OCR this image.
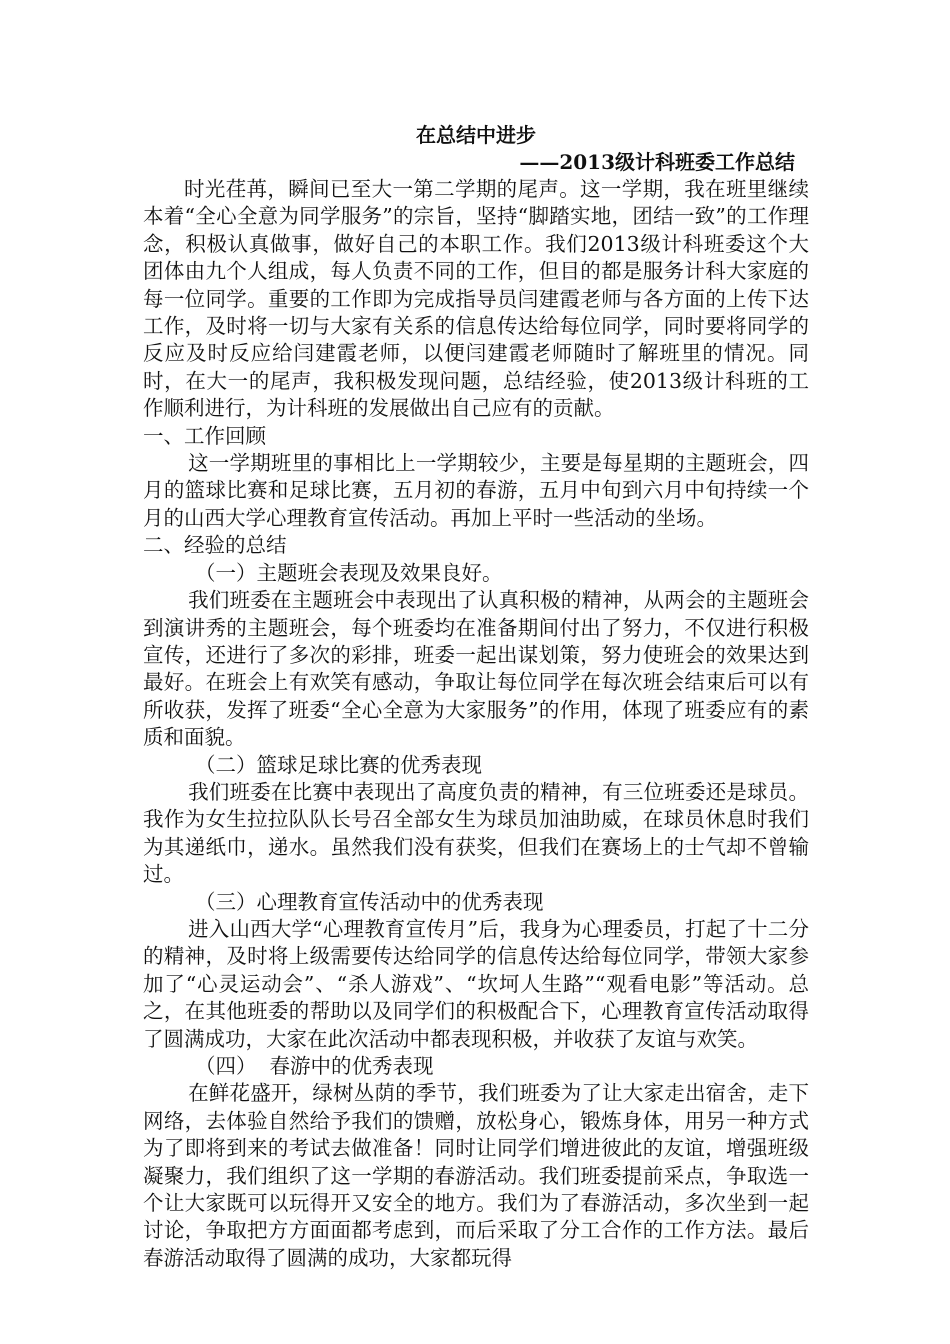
在总结中进步
——2013级计科班委工作总结

时光荏苒，瞬间已至大一第二学期的尾声。这一学期，我在班里继续本着“全心全意为同学服务”的宗旨，坚持“脚踏实地，团结一致”的工作理念，积极认真做事，做好自己的本职工作。我们2013级计科班委这个大团体由九个人组成，每人负责不同的工作，但目的都是服务计科大家庭的每一位同学。重要的工作即为完成指导员闫建霞老师与各方面的上传下达工作，及时将一切与大家有关系的信息传达给每位同学，同时要将同学的反应及时反应给闫建霞老师，以便闫建霞老师随时了解班里的情况。同时，在大一的尾声，我积极发现问题，总结经验，使2013级计科班的工作顺利进行，为计科班的发展做出自己应有的贡献。

一、工作回顾

这一学期班里的事相比上一学期较少，主要是每星期的主题班会，四月的篮球比赛和足球比赛，五月初的春游，五月中旬到六月中旬持续一个月的山西大学心理教育宣传活动。再加上平时一些活动的坐场。

二、经验的总结

（一）主题班会表现及效果良好。

我们班委在主题班会中表现出了认真积极的精神，从两会的主题班会到演讲秀的主题班会，每个班委均在准备期间付出了努力，不仅进行积极宣传，还进行了多次的彩排，班委一起出谋划策，努力使班会的效果达到最好。在班会上有欢笑有感动，争取让每位同学在每次班会结束后可以有所收获，发挥了班委“全心全意为大家服务”的作用，体现了班委应有的素质和面貌。

（二）篮球足球比赛的优秀表现

我们班委在比赛中表现出了高度负责的精神，有三位班委还是球员。我作为女生拉拉队队长号召全部女生为球员加油助威，在球员休息时我们为其递纸巾，递水。虽然我们没有获奖，但我们在赛场上的士气却不曾输过。

（三）心理教育宣传活动中的优秀表现

进入山西大学“心理教育宣传月”后，我身为心理委员，打起了十二分的精神，及时将上级需要传达给同学的信息传达给每位同学，带领大家参加了“心灵运动会”、“杀人游戏”、“坎坷人生路”“观看电影”等活动。总之，在其他班委的帮助以及同学们的积极配合下，心理教育宣传活动取得了圆满成功，大家在此次活动中都表现积极，并收获了友谊与欢笑。

（四）  春游中的优秀表现

在鲜花盛开，绿树丛荫的季节，我们班委为了让大家走出宿舍，走下网络，去体验自然给予我们的馈赠，放松身心，锻炼身体，用另一种方式为了即将到来的考试去做准备！同时让同学们增进彼此的友谊，增强班级凝聚力，我们组织了这一学期的春游活动。我们班委提前采点，争取选一个让大家既可以玩得开又安全的地方。我们为了春游活动，多次坐到一起讨论，争取把方方面面都考虑到，而后采取了分工合作的工作方法。最后春游活动取得了圆满的成功，大家都玩得
